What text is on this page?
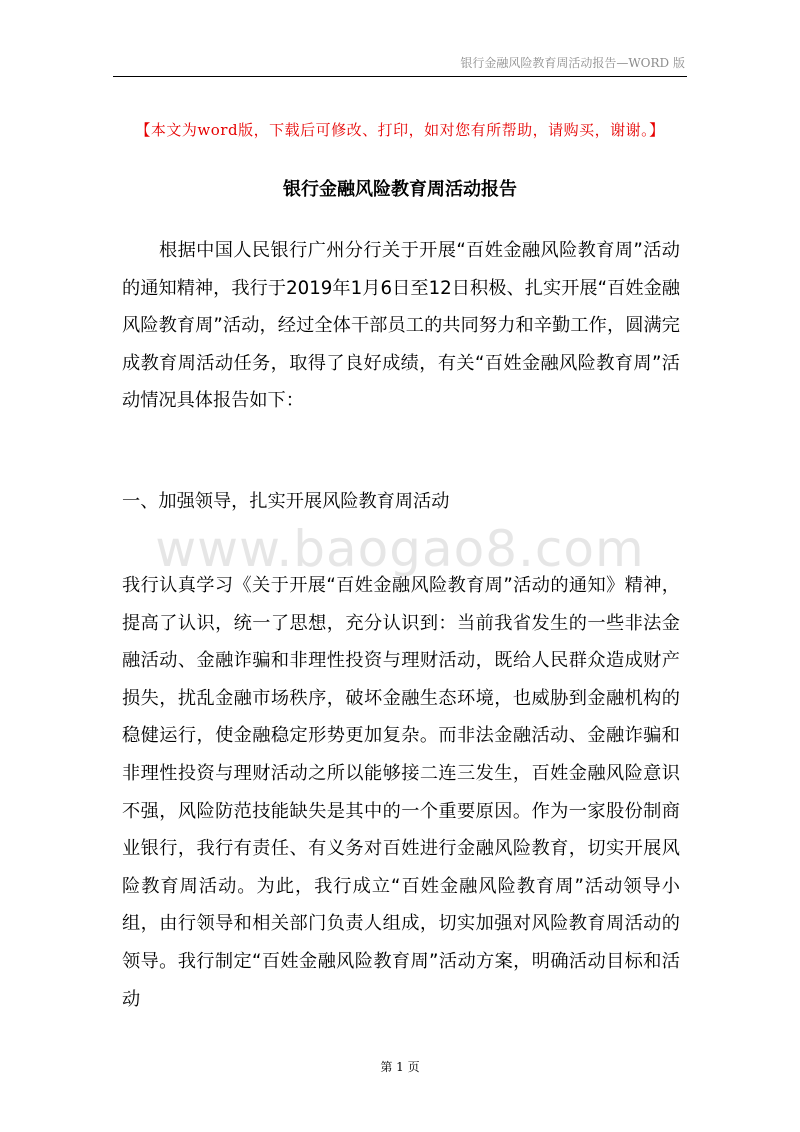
银行金融风险教育周活动报告—WORD 版
【本文为word版，下载后可修改、打印，如对您有所帮助，请购买，谢谢。】
银行金融风险教育周活动报告

根据中国人民银行广州分行关于开展“百姓金融风险教育周”活动的通知精神，我行于2019年1月6日至12日积极、扎实开展“百姓金融风险教育周”活动，经过全体干部员工的共同努力和辛勤工作，圆满完成教育周活动任务，取得了良好成绩，有关“百姓金融风险教育周”活动情况具体报告如下：

一、加强领导，扎实开展风险教育周活动
www.baogao8.com

我行认真学习《关于开展“百姓金融风险教育周”活动的通知》精神，提高了认识，统一了思想，充分认识到：当前我省发生的一些非法金融活动、金融诈骗和非理性投资与理财活动，既给人民群众造成财产损失，扰乱金融市场秩序，破坏金融生态环境，也威胁到金融机构的稳健运行，使金融稳定形势更加复杂。而非法金融活动、金融诈骗和非理性投资与理财活动之所以能够接二连三发生，百姓金融风险意识不强，风险防范技能缺失是其中的一个重要原因。作为一家股份制商业银行，我行有责任、有义务对百姓进行金融风险教育，切实开展风险教育周活动。为此，我行成立“百姓金融风险教育周”活动领导小组，由行领导和相关部门负责人组成，切实加强对风险教育周活动的领导。我行制定“百姓金融风险教育周”活动方案，明确活动目标和活动

第 1 页
